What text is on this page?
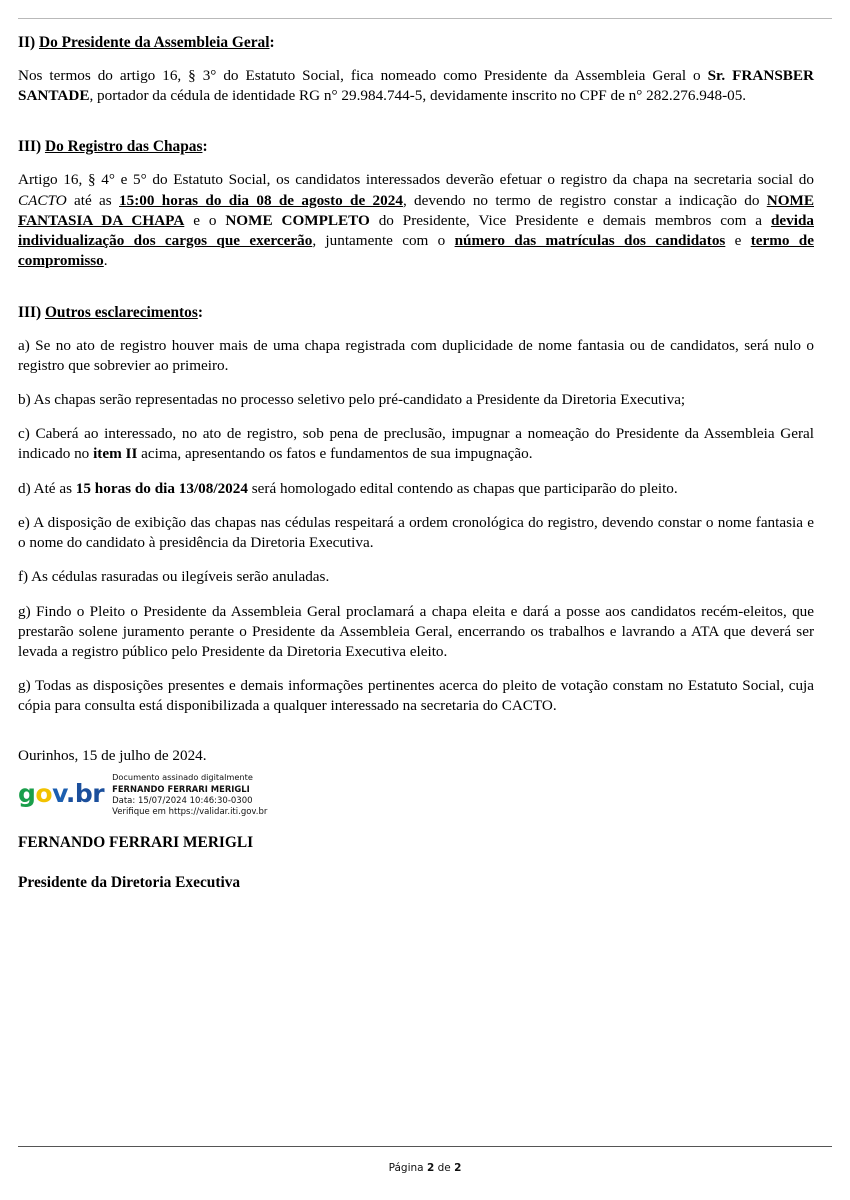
II) Do Presidente da Assembleia Geral:

Nos termos do artigo 16, § 3° do Estatuto Social, fica nomeado como Presidente da Assembleia Geral o Sr. FRANSBER SANTADE, portador da cédula de identidade RG n° 29.984.744-5, devidamente inscrito no CPF de n° 282.276.948-05.

III) Do Registro das Chapas:

Artigo 16, § 4° e 5° do Estatuto Social, os candidatos interessados deverão efetuar o registro da chapa na secretaria social do CACTO até as 15:00 horas do dia 08 de agosto de 2024, devendo no termo de registro constar a indicação do NOME FANTASIA DA CHAPA e o NOME COMPLETO do Presidente, Vice Presidente e demais membros com a devida individualização dos cargos que exercerão, juntamente com o número das matrículas dos candidatos e termo de compromisso.

III) Outros esclarecimentos:

a) Se no ato de registro houver mais de uma chapa registrada com duplicidade de nome fantasia ou de candidatos, será nulo o registro que sobrevier ao primeiro.

b) As chapas serão representadas no processo seletivo pelo pré-candidato a Presidente da Diretoria Executiva;

c) Caberá ao interessado, no ato de registro, sob pena de preclusão, impugnar a nomeação do Presidente da Assembleia Geral indicado no item II acima, apresentando os fatos e fundamentos de sua impugnação.

d) Até as 15 horas do dia 13/08/2024 será homologado edital contendo as chapas que participarão do pleito.

e) A disposição de exibição das chapas nas cédulas respeitará a ordem cronológica do registro, devendo constar o nome fantasia e o nome do candidato à presidência da Diretoria Executiva.

f) As cédulas rasuradas ou ilegíveis serão anuladas.

g) Findo o Pleito o Presidente da Assembleia Geral proclamará a chapa eleita e dará a posse aos candidatos recém-eleitos, que prestarão solene juramento perante o Presidente da Assembleia Geral, encerrando os trabalhos e lavrando a ATA que deverá ser levada a registro público pelo Presidente da Diretoria Executiva eleito.

g) Todas as disposições presentes e demais informações pertinentes acerca do pleito de votação constam no Estatuto Social, cuja cópia para consulta está disponibilizada a qualquer interessado na secretaria do CACTO.

Ourinhos, 15 de julho de 2024.

gov.br
Documento assinado digitalmente
FERNANDO FERRARI MERIGLI
Data: 15/07/2024 10:46:30-0300
Verifique em https://validar.iti.gov.br

FERNANDO FERRARI MERIGLI

Presidente da Diretoria Executiva

Página 2 de 2
